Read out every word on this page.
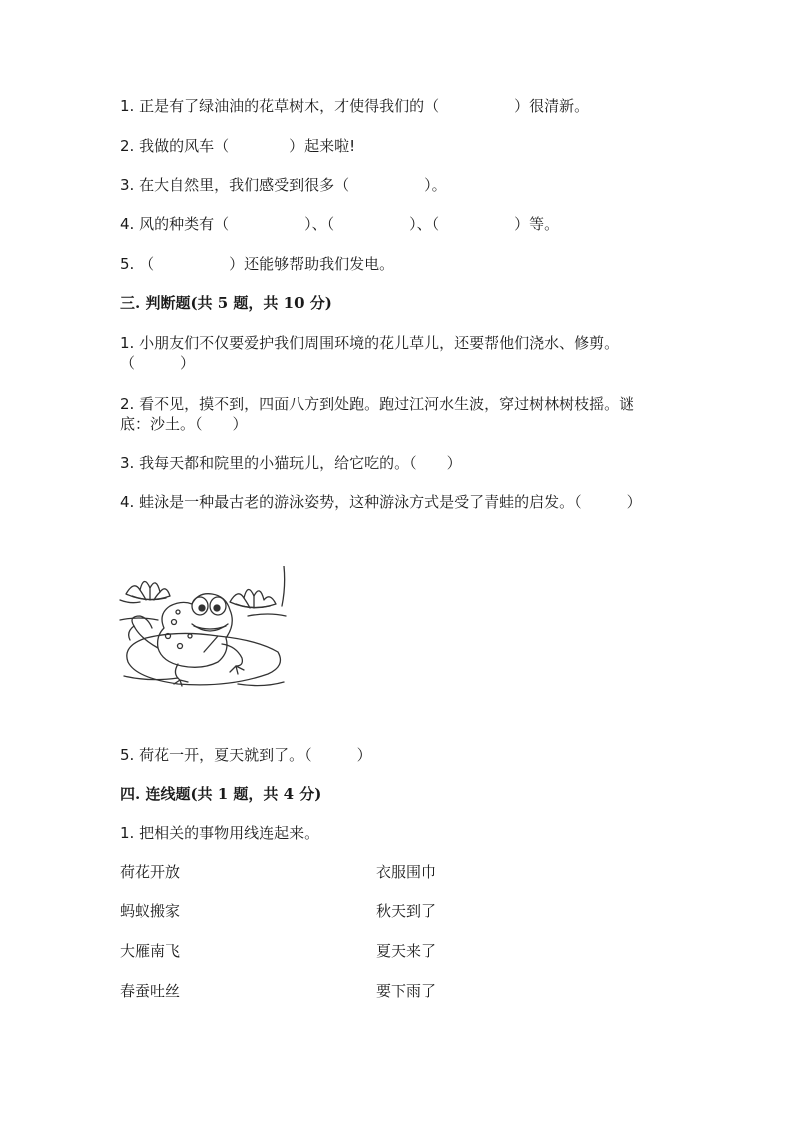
1. 正是有了绿油油的花草树木，才使得我们的（　　　　　）很清新。
2. 我做的风车（　　　　）起来啦!
3. 在大自然里，我们感受到很多（　　　　　）。
4. 风的种类有（　　　　　）、（　　　　　）、（　　　　　）等。
5. （　　　　　）还能够帮助我们发电。
三. 判断题(共 5 题，共 10 分)
1. 小朋友们不仅要爱护我们周围环境的花儿草儿，还要帮他们浇水、修剪。
（　　　）
2. 看不见，摸不到，四面八方到处跑。跑过江河水生波，穿过树林树枝摇。谜
底：沙土。（　　）
3. 我每天都和院里的小猫玩儿，给它吃的。（　　）
4. 蛙泳是一种最古老的游泳姿势，这种游泳方式是受了青蛙的启发。（　　　）
5. 荷花一开，夏天就到了。（　　　）
四. 连线题(共 1 题，共 4 分)
1. 把相关的事物用线连起来。
荷花开放	衣服围巾
蚂蚁搬家	秋天到了
大雁南飞	夏天来了
春蚕吐丝	要下雨了
